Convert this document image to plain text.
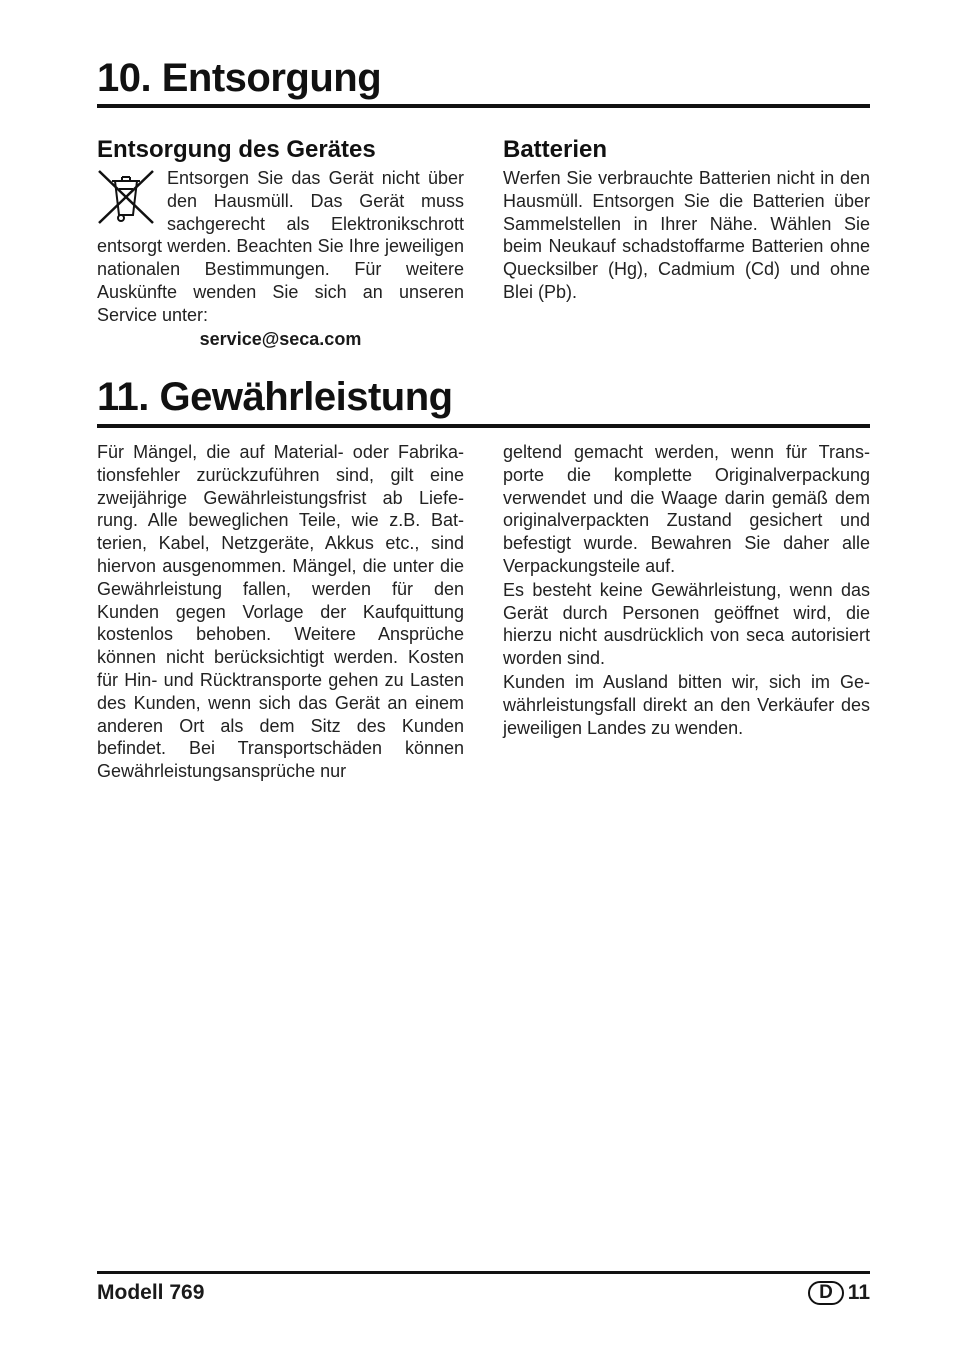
10. Entsorgung
Entsorgung des Gerätes
Entsorgen Sie das Gerät nicht über den Hausmüll. Das Gerät muss sachgerecht als Elektronikschrott entsorgt werden. Beachten Sie Ihre jeweiligen nationalen Bestimmungen. Für weitere Auskünfte wenden Sie sich an unseren Service unter:
service@seca.com
Batterien

Werfen Sie verbrauchte Batterien nicht in den Hausmüll. Entsorgen Sie die Batterien über Sammelstellen in Ihrer Nähe. Wählen Sie beim Neukauf schadstoffarme Batterien ohne Quecksilber (Hg), Cadmium (Cd) und ohne Blei (Pb).

11. Gewährleistung

Für Mängel, die auf Material- oder Fabrikationsfehler zurückzuführen sind, gilt eine zweijährige Gewährleistungsfrist ab Lieferung. Alle beweglichen Teile, wie z.B. Batterien, Kabel, Netzgeräte, Akkus etc., sind hiervon ausgenommen. Mängel, die unter die Gewährleistung fallen, werden für den Kunden gegen Vorlage der Kaufquittung kostenlos behoben. Weitere Ansprüche können nicht berücksichtigt werden. Kosten für Hin- und Rücktransporte gehen zu Lasten des Kunden, wenn sich das Gerät an einem anderen Ort als dem Sitz des Kunden befindet. Bei Transportschäden können Gewährleistungsansprüche nur

geltend gemacht werden, wenn für Transporte die komplette Originalverpackung verwendet und die Waage darin gemäß dem originalverpackten Zustand gesichert und befestigt wurde. Bewahren Sie daher alle Verpackungsteile auf.

Es besteht keine Gewährleistung, wenn das Gerät durch Personen geöffnet wird, die hierzu nicht ausdrücklich von seca autorisiert worden sind.

Kunden im Ausland bitten wir, sich im Gewährleistungsfall direkt an den Verkäufer des jeweiligen Landes zu wenden.

Modell 769	D 11
